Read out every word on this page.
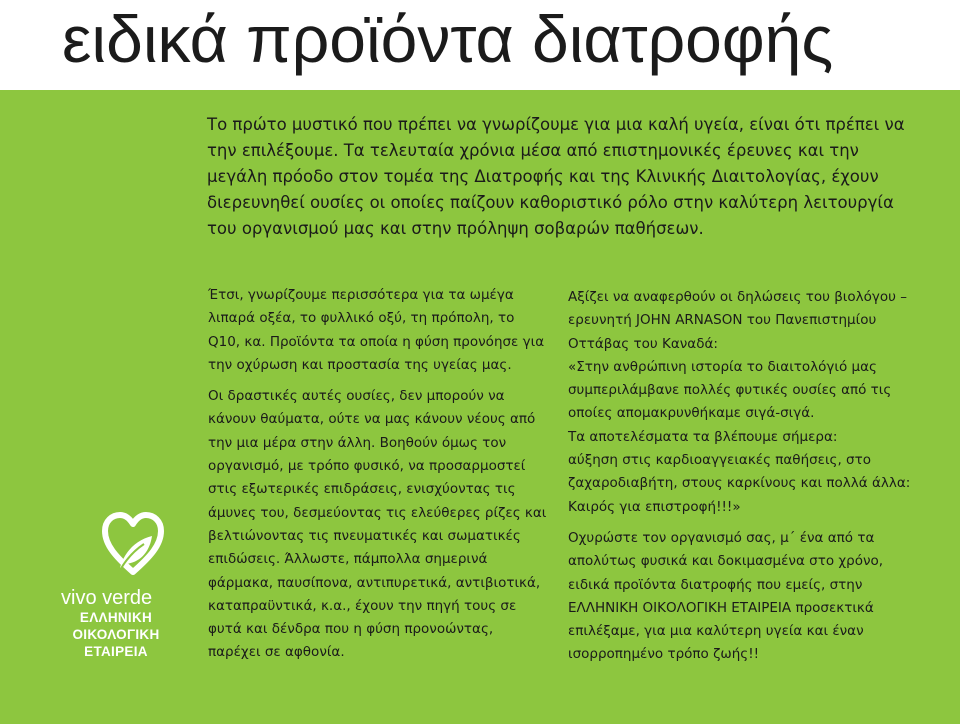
ειδικά προϊόντα διατροφής

Το πρώτο μυστικό που πρέπει να γνωρίζουμε για μια καλή υγεία, είναι ότι πρέπει να την επιλέξουμε. Τα τελευταία χρόνια μέσα από επιστημονικές έρευνες και την μεγάλη πρόοδο στον τομέα της Διατροφής και της Κλινικής Διαιτολογίας, έχουν διερευνηθεί ουσίες οι οποίες παίζουν καθοριστικό ρόλο στην καλύτερη λειτουργία του οργανισμού μας και στην πρόληψη σοβαρών παθήσεων.

Έτσι, γνωρίζουμε περισσότερα για τα ωμέγα λιπαρά οξέα, το φυλλικό οξύ, τη πρόπολη, το Q10, κα. Προϊόντα τα οποία η φύση προνόησε για την οχύρωση και προστασία της υγείας μας.

Οι δραστικές αυτές ουσίες, δεν μπορούν να κάνουν θαύματα, ούτε να μας κάνουν νέους από την μια μέρα στην άλλη. Βοηθούν όμως τον οργανισμό, με τρόπο φυσικό, να προσαρμοστεί στις εξωτερικές επιδράσεις, ενισχύοντας τις άμυνες του, δεσμεύοντας τις ελεύθερες ρίζες και βελτιώνοντας τις πνευματικές και σωματικές επιδώσεις. Άλλωστε, πάμπολλα σημερινά φάρμακα, παυσίπονα, αντιπυρετικά, αντιβιοτικά, καταπραϋντικά, κ.α., έχουν την πηγή τους σε φυτά και δένδρα που η φύση προνοώντας, παρέχει σε αφθονία.

Αξίζει να αναφερθούν οι δηλώσεις του βιολόγου – ερευνητή JOHN ARNASON του Πανεπιστημίου Οττάβας του Καναδά:

«Στην ανθρώπινη ιστορία το διαιτολόγιό μας συμπεριλάμβανε πολλές φυτικές ουσίες από τις οποίες απομακρυνθήκαμε σιγά-σιγά.

Τα αποτελέσματα τα βλέπουμε σήμερα:

αύξηση στις καρδιοαγγειακές παθήσεις, στο ζαχαροδιαβήτη, στους καρκίνους και πολλά άλλα: Καιρός για επιστροφή!!!»

Οχυρώστε τον οργανισμό σας, μ΄ ένα από τα απολύτως φυσικά και δοκιμασμένα στο χρόνο, ειδικά προϊόντα διατροφής που εμείς, στην ΕΛΛΗΝΙΚΗ ΟΙΚΟΛΟΓΙΚΗ ΕΤΑΙΡΕΙΑ προσεκτικά επιλέξαμε, για μια καλύτερη υγεία και έναν ισορροπημένο τρόπο ζωής!!

vivo verde
ΕΛΛΗΝΙΚΗ
ΟΙΚΟΛΟΓΙΚΗ
ΕΤΑΙΡΕΙΑ
